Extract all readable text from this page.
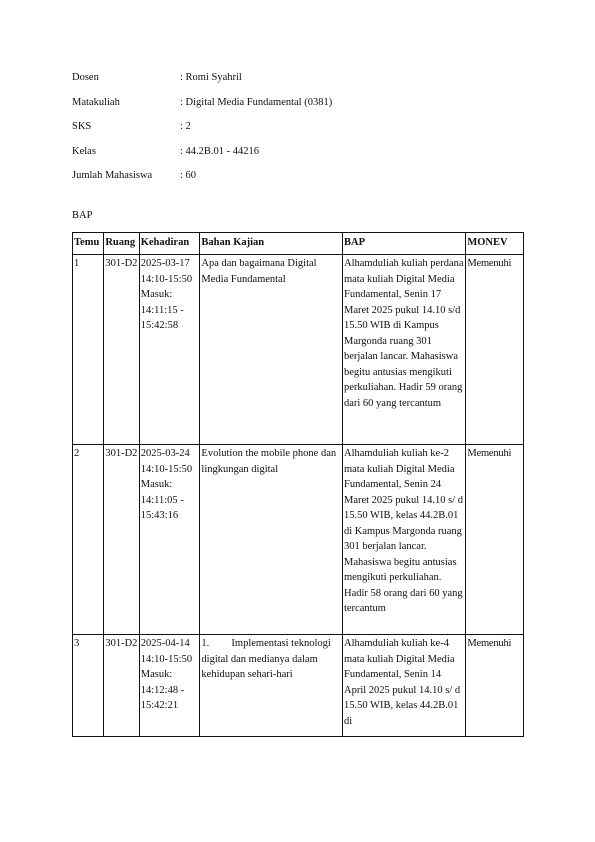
Dosen	: Romi Syahril
Matakuliah	: Digital Media Fundamental (0381)
SKS	: 2
Kelas	: 44.2B.01 - 44216
Jumlah Mahasiswa	: 60
BAP
Temu	Ruang	Kehadiran	Bahan Kajian	BAP	MONEV
1	301-D2	2025-03-17 14:10-15:50 Masuk: 14:11:15 - 15:42:58	Apa dan bagaimana Digital Media Fundamental	Alhamduliah kuliah perdana mata kuliah Digital Media Fundamental, Senin 17 Maret 2025 pukul 14.10 s/d 15.50 WIB di Kampus Margonda ruang 301 berjalan lancar. Mahasiswa begitu antusias mengikuti perkuliahan. Hadir 59 orang dari 60 yang tercantum	Memenuhi
2	301-D2	2025-03-24 14:10-15:50 Masuk: 14:11:05 - 15:43:16	Evolution the mobile phone dan lingkungan digital	Alhamduliah kuliah ke-2 mata kuliah Digital Media Fundamental, Senin 24 Maret 2025 pukul 14.10 s/ d 15.50 WIB, kelas 44.2B.01 di Kampus Margonda ruang 301 berjalan lancar. Mahasiswa begitu antusias mengikuti perkuliahan. Hadir 58 orang dari 60 yang tercantum	Memenuhi
3	301-D2	2025-04-14 14:10-15:50 Masuk: 14:12:48 - 15:42:21	1. Implementasi teknologi digital dan medianya dalam kehidupan sehari-hari	Alhamduliah kuliah ke-4 mata kuliah Digital Media Fundamental, Senin 14 April 2025 pukul 14.10 s/ d 15.50 WIB, kelas 44.2B.01 di	Memenuhi
